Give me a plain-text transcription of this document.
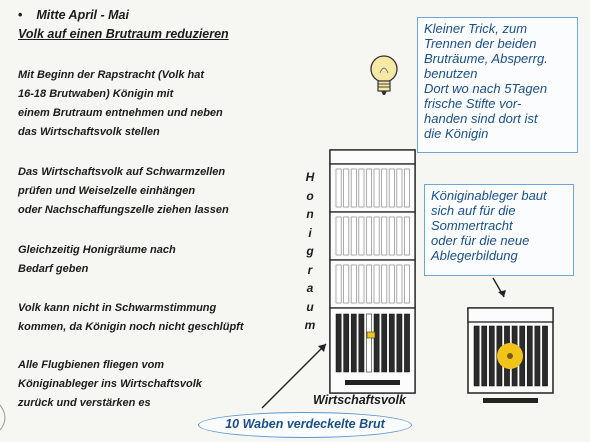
• Mitte April - Mai
Volk auf einen Brutraum reduzieren
Mit Beginn der Rapstracht (Volk hat
16-18 Brutwaben) Königin mit
einem Brutraum entnehmen und neben
das Wirtschaftsvolk stellen
Das Wirtschaftsvolk auf Schwarmzellen
prüfen und Weiselzelle einhängen
oder Nachschaffungszelle ziehen lassen
Gleichzeitig Honigräume nach
Bedarf geben
Volk kann nicht in Schwarmstimmung
kommen, da Königin noch nicht geschlüpft
Alle Flugbienen fliegen vom
Königinableger ins Wirtschaftsvolk
zurück und verstärken es
Kleiner Trick, zum
Trennen der beiden
Bruträume, Absperrg.
benutzen
Dort wo nach 5Tagen
frische Stifte vor-
handen sind dort ist
die Königin
Königinableger baut
sich auf für die
Sommertracht
oder für die neue
Ablegerbildung
H
o
n
i
g
r
a
u
m
Wirtschaftsvolk
10 Waben verdeckelte Brut
